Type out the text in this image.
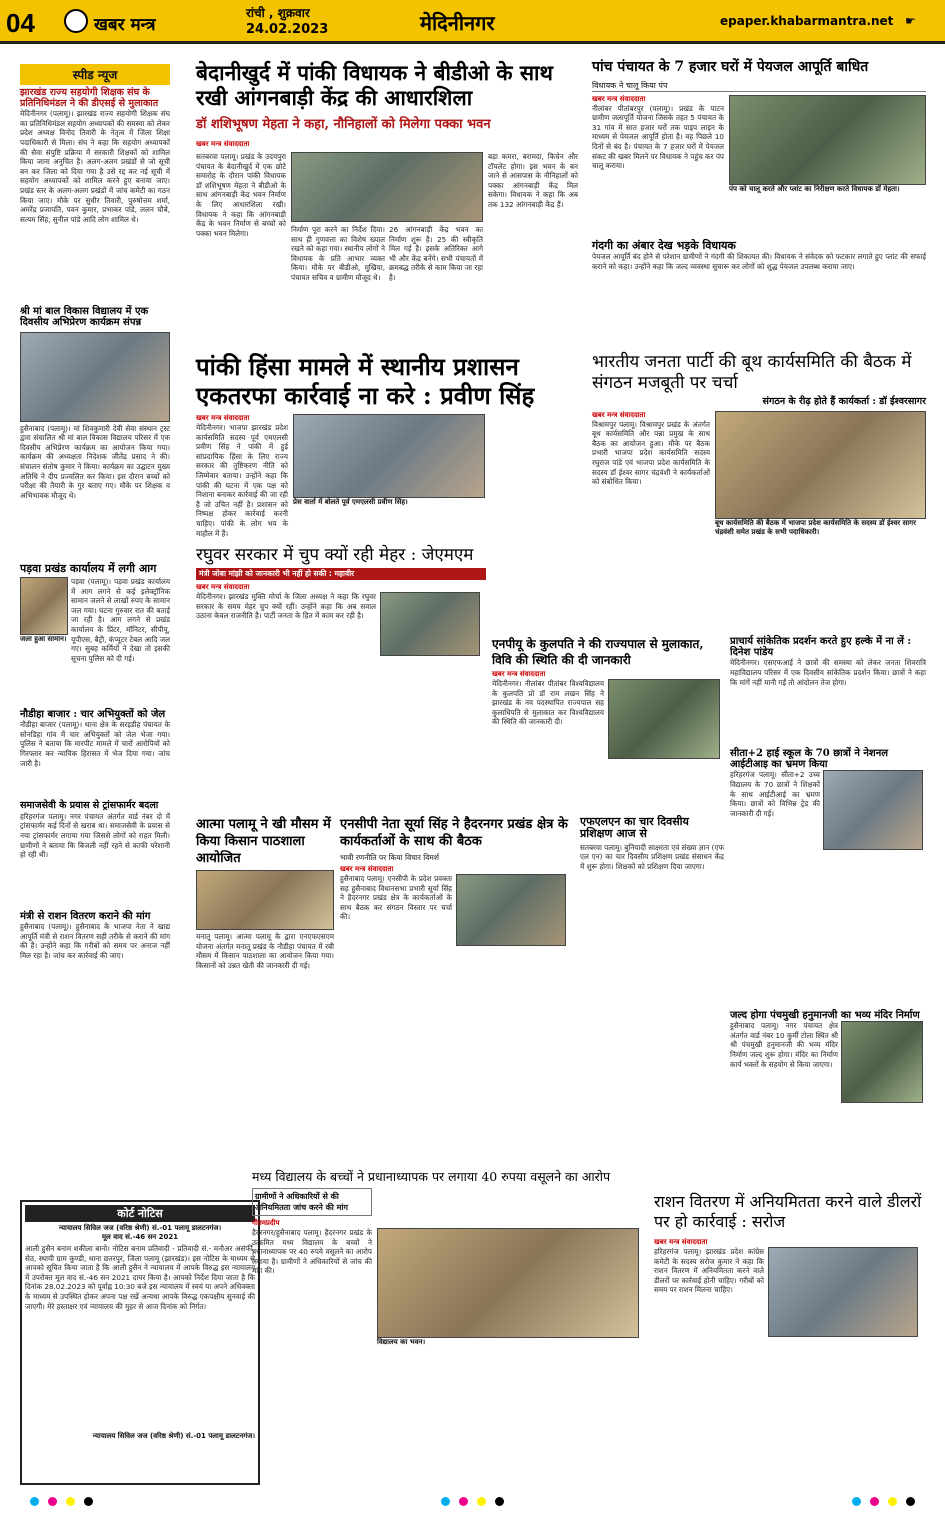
04	खबर मन्त्र
रांची , शुक्रवार
24.02.2023	मेदिनीनगर	epaper.khabarmantra.net ☛
स्पीड न्यूज
झारखंड राज्य सहयोगी शिक्षक संघ के प्रतिनिधिमंडल ने की डीएसई से मुलाकात
मेदिनीनगर (पलामू)। झारखंड राज्य सहयोगी शिक्षक संघ का प्रतिनिधिमंडल सहयोग अध्यापकों की समस्या को लेकर प्रदेश अध्यक्ष विनोद तिवारी के नेतृत्व में जिला शिक्षा पदाधिकारी से मिला। संघ ने कहा कि सहयोग अध्यापकों की सेवा संपुष्टि प्रक्रिया में सरकारी शिक्षकों को शामिल किया जाना अनुचित है। अलग-अलग प्रखंडों से जो सूची बन कर जिला को दिया गया है उसे रद्द कर नई सूची में सहयोग अध्यापकों को शामिल करने हुए बनाया जाए। प्रखंड स्तर के अलग-अलग प्रखंडों में जांच कमेटी का गठन किया जाए। मौके पर सुधीर तिवारी, पुरुषोत्तम शर्मा, अमरेंद्र प्रजापति, पवन कुमार, प्रभाकर पांडे, ललन चौबे, सत्यम सिंह, सुनील पांडे आदि लोग शामिल थे।
श्री मां बाल विकास विद्यालय में एक दिवसीय अभिप्रेरण कार्यक्रम संपन्न
हुसैनाबाद (पलामू)। मां शिवकुमारी देवी सेवा संस्थान ट्रस्ट द्वारा संचालित श्री मां बाल विकास विद्यालय परिसर में एक दिवसीय अभिप्रेरण कार्यक्रम का आयोजन किया गया। कार्यक्रम की अध्यक्षता निदेशक जीतेंद्र प्रसाद ने की। संचालन संतोष कुमार ने किया। कार्यक्रम का उद्घाटन मुख्य अतिथि ने दीप प्रज्वलित कर किया। इस दौरान बच्चों को परीक्षा की तैयारी के गुर बताए गए। मौके पर शिक्षक व अभिभावक मौजूद थे।
पड़वा प्रखंड कार्यालय में लगी आग
जला हुआ सामान।
पड़वा (पलामू)। पड़वा प्रखंड कार्यालय में आग लगने से कई इलेक्ट्रॉनिक सामान जलने से लाखों रुपए के सामान जल गया। घटना गुरुवार रात की बताई जा रही है। आग लगने से प्रखंड कार्यालय के प्रिंटर, मॉनिटर, सीपीयू, यूपीएस, बैट्री, कंप्यूटर टेबल आदि जल गए। सुबह कर्मियों ने देखा तो इसकी सूचना पुलिस को दी गई।
नौडीहा बाजार : चार अभियुक्तों को जेल
नौडीहा बाजार (पलामू)। थाना क्षेत्र के सरइडीह पंचायत के सोनडिहा गांव में चार अभियुक्तों को जेल भेजा गया। पुलिस ने बताया कि मारपीट मामले में चारों आरोपियों को गिरफ्तार कर न्यायिक हिरासत में भेज दिया गया। जांच जारी है।
समाजसेवी के प्रयास से ट्रांसफार्मर बदला
हरिहरगंज पलामू। नगर पंचायत अंतर्गत वार्ड नंबर दो में ट्रांसफार्मर कई दिनों से खराब था। समाजसेवी के प्रयास से नया ट्रांसफार्मर लगाया गया जिससे लोगों को राहत मिली। ग्रामीणों ने बताया कि बिजली नहीं रहने से काफी परेशानी हो रही थी।
मंत्री से राशन वितरण कराने की मांग
हुसैनाबाद (पलामू)। हुसैनाबाद के भाजपा नेता ने खाद्य आपूर्ति मंत्री से राशन वितरण सही तरीके से कराने की मांग की है। उन्होंने कहा कि गरीबों को समय पर अनाज नहीं मिल रहा है। जांच कर कार्रवाई की जाए।
कोर्ट नोटिस
न्यायालय सिविल जज (वरिष्ठ श्रेणी) सं.-01 पलामू डालटनगंज।
मूल वाद सं.-46 सन 2021
आली हुसैन बनाम शकीला बानो। नोटिस बनाम प्रतिवादी - प्रतिवादी सं.- मनौअर असंर्फी, सेठ, स्थायी ग्राम कुण्डी, थाना छतरपुर, जिला पलामू (झारखंड)। इस नोटिस के माध्यम से आपको सूचित किया जाता है कि आली हुसैन ने न्यायालय में आपके विरुद्ध इस न्यायालय में उपरोक्त मूल वाद सं.-46 सन 2021 दायर किया है। आपको निर्देश दिया जाता है कि दिनांक 28.02.2023 को पूर्वाह्न 10:30 बजे इस न्यायालय में स्वयं या अपने अधिवक्ता के माध्यम से उपस्थित होकर अपना पक्ष रखें अन्यथा आपके विरुद्ध एकपक्षीय सुनवाई की जाएगी। मेरे हस्ताक्षर एवं न्यायालय की मुहर से आज दिनांक को निर्गत।
न्यायालय सिविल जज (वरिष्ठ श्रेणी) सं.-01 पलामू डालटनगंज।
बेदानीखुर्द में पांकी विधायक ने बीडीओ के साथ रखी आंगनबाड़ी केंद्र की आधारशिला
डॉ शशिभूषण मेहता ने कहा, नौनिहालों को मिलेगा पक्का भवन
खबर मन्त्र संवाददाता
सतबरवा पलामू। प्रखंड के उदयपुरा पंचायत के बेदानीखुर्द में एक छोटे समारोह के दौरान पांकी विधायक डॉ शशिभूषण मेहता ने बीडीओ के साथ आंगनबाड़ी केंद्र भवन निर्माण के लिए आधारशिला रखी। विधायक ने कहा कि आंगनबाड़ी केंद्र के भवन निर्माण से बच्चों को पक्का भवन मिलेगा।	निर्माण पूरा करने का निर्देश दिया। साथ ही गुणवत्ता का विशेष ख्याल रखने को कहा गया। स्थानीय लोगों ने विधायक के प्रति आभार व्यक्त किया। मौके पर बीडीओ, मुखिया, पंचायत सचिव व ग्रामीण मौजूद थे।
26 आंगनबाड़ी केंद्र भवन का निर्माण शुरू है। 25 की स्वीकृति मिल गई है। इसके अतिरिक्त आगे भी और केंद्र बनेंगे। सभी पंचायतों में क्रमबद्ध तरीके से काम किया जा रहा है।
बड़ा कमरा, बरामदा, किचेन और टॉयलेट होगा। इस भवन के बन जाने से आसपास के नौनिहालों को पक्का आंगनबाड़ी केंद्र मिल सकेगा। विधायक ने कहा कि अब तक 132 आंगनबाड़ी केंद्र हैं।
पांच पंचायत के 7 हजार घरों में पेयजल आपूर्ति बाधित
विधायक ने चालू किया पंप
खबर मन्त्र संवाददाता
नीलांबर पीतांबरपुर (पलामू)। प्रखंड के पाटन ग्रामीण जलापूर्ति योजना जिसके तहत 5 पंचायत के 31 गांव में सात हजार घरों तक पाइप लाइन के माध्यम से पेयजल आपूर्ति होता है। वह पिछले 10 दिनों से बंद है। पंचायत के 7 हजार घरों में पेयजल संकट की खबर मिलने पर विधायक ने पहुंच कर पंप चालू कराया।
पंप को चालू करते और प्लांट का निरीक्षण करते विधायक डॉ मेहता।
गंदगी का अंबार देख भड़के विधायक
पेयजल आपूर्ति बंद होने से परेशान ग्रामीणों ने गंदगी की शिकायत की। विधायक ने संवेदक को फटकार लगाते हुए प्लांट की सफाई कराने को कहा। उन्होंने कहा कि जल्द व्यवस्था सुचारू कर लोगों को शुद्ध पेयजल उपलब्ध कराया जाए।
पांकी हिंसा मामले में स्थानीय प्रशासन एकतरफा कार्रवाई ना करे : प्रवीण सिंह
खबर मन्त्र संवाददाता
मेदिनीनगर। भाजपा झारखंड प्रदेश कार्यसमिति सदस्य पूर्व एमएलसी प्रवीण सिंह ने पांकी में हुई सांप्रदायिक हिंसा के लिए राज्य सरकार की तुष्टिकरण नीति को जिम्मेवार बताया। उन्होंने कहा कि पांकी की घटना में एक पक्ष को निशाना बनाकर कार्रवाई की जा रही है जो उचित नहीं है। प्रशासन को निष्पक्ष होकर कार्रवाई करनी चाहिए। पांकी के लोग भय के माहौल में हैं।
प्रेस वार्ता में बोलते पूर्व एमएलसी प्रवीण सिंह।
भारतीय जनता पार्टी की बूथ कार्यसमिति की बैठक में संगठन मजबूती पर चर्चा
संगठन के रीढ़ होते हैं कार्यकर्ता : डॉ ईश्वरसागर
खबर मन्त्र संवाददाता
विश्रामपुर पलामू। विश्रामपुर प्रखंड के अंतर्गत बूथ कार्यसमिति और पन्ना प्रमुख के साथ बैठक का आयोजन हुआ। मौके पर बैठक प्रभारी भाजपा प्रदेश कार्यसमिति सदस्य रघुराज पांडे एवं भाजपा प्रदेश कार्यसमिति के सदस्य डॉ ईश्वर सागर चंद्रवंशी ने कार्यकर्ताओं को संबोधित किया।
बूथ कार्यसमिति की बैठक में भाजपा प्रदेश कार्यसमिति के सदस्य डॉ ईश्वर सागर चंद्रवंशी समेत प्रखंड के सभी पदाधिकारी।
रघुवर सरकार में चुप क्यों रही मेहर : जेएमएम
मंत्री जोबा मांझी को जानकारी भी नहीं हो सकी : महावीर
खबर मन्त्र संवाददाता
मेदिनीनगर। झारखंड मुक्ति मोर्चा के जिला अध्यक्ष ने कहा कि रघुवर सरकार के समय मेहर चुप क्यों रहीं। उन्होंने कहा कि अब सवाल उठाना केवल राजनीति है। पार्टी जनता के हित में काम कर रही है।
एनपीयू के कुलपति ने की राज्यपाल से मुलाकात, विवि की स्थिति की दी जानकारी
खबर मन्त्र संवाददाता
मेदिनीनगर। नीलांबर पीतांबर विश्वविद्यालय के कुलपति प्रो डॉ राम लखन सिंह ने झारखंड के नव पदस्थापित राज्यपाल सह कुलाधिपति से मुलाकात कर विश्वविद्यालय की स्थिति की जानकारी दी।
प्राचार्य सांकेतिक प्रदर्शन करते हुए हल्के में ना लें : दिनेश पांडेय
मेदिनीनगर। एसएफआई ने छात्रों की समस्या को लेकर जनता शिवरात्रि महाविद्यालय परिसर में एक दिवसीय सांकेतिक प्रदर्शन किया। छात्रों ने कहा कि मांगें नहीं मानी गईं तो आंदोलन तेज होगा।
सीता+2 हाई स्कूल के 70 छात्रों ने नेशनल आईटीआइ का भ्रमण किया
हरिहरगंज पलामू। सीता+2 उच्च विद्यालय के 70 छात्रों ने शिक्षकों के साथ आईटीआई का भ्रमण किया। छात्रों को विभिन्न ट्रेड की जानकारी दी गई।
आत्मा पलामू ने खी मौसम में किया किसान पाठशाला आयोजित
मनातू पलामू। आत्मा पलामू के द्वारा एनएफएसएम योजना अंतर्गत मनातू प्रखंड के नौडीहा पंचायत में रबी मौसम में किसान पाठशाला का आयोजन किया गया। किसानों को उन्नत खेती की जानकारी दी गई।
एनसीपी नेता सूर्या सिंह ने हैदरनगर प्रखंड क्षेत्र के कार्यकर्ताओं के साथ की बैठक
भावी रणनीति पर किया विचार विमर्श
खबर मन्त्र संवाददाता
हुसैनाबाद पलामू। एनसीपी के प्रदेश प्रवक्ता सह हुसैनाबाद विधानसभा प्रभारी सूर्या सिंह ने हैदरनगर प्रखंड क्षेत्र के कार्यकर्ताओं के साथ बैठक कर संगठन विस्तार पर चर्चा की।
एफएलएन का चार दिवसीय प्रशिक्षण आज से
सतबरवा पलामू। बुनियादी साक्षरता एवं संख्या ज्ञान (एफ एल एन) का चार दिवसीय प्रशिक्षण प्रखंड संसाधन केंद्र में शुरू होगा। शिक्षकों को प्रशिक्षण दिया जाएगा।
जल्द होगा पंचमुखी हनुमानजी का भव्य मंदिर निर्माण
हुसैनाबाद पलामू। नगर पंचायत क्षेत्र अंतर्गत वार्ड नंबर 10 कुर्मी टोला स्थित श्री श्री पंचमुखी हनुमानजी की भव्य मंदिर निर्माण जल्द शुरू होगा। मंदिर का निर्माण कार्य भक्तों के सहयोग से किया जाएगा।
मध्य विद्यालय के बच्चों ने प्रधानाध्यापक पर लगाया 40 रुपया वसूलने का आरोप
ग्रामीणों ने अधिकारियों से की अनियमितता जांच करने की मांग
गौतमप्रदीप
हैदरनगर/हुसैनाबाद पलामू। हैदरनगर प्रखंड के उत्क्रमित मध्य विद्यालय के बच्चों ने प्रधानाध्यापक पर 40 रुपये वसूलने का आरोप लगाया है। ग्रामीणों ने अधिकारियों से जांच की मांग की।
विद्यालय का भवन।
राशन वितरण में अनियमितता करने वाले डीलरों पर हो कार्रवाई : सरोज
खबर मन्त्र संवाददाता
हरिहरगंज पलामू। झारखंड प्रदेश कांग्रेस कमेटी के सदस्य सरोज कुमार ने कहा कि राशन वितरण में अनियमितता करने वाले डीलरों पर कार्रवाई होनी चाहिए। गरीबों को समय पर राशन मिलना चाहिए।
